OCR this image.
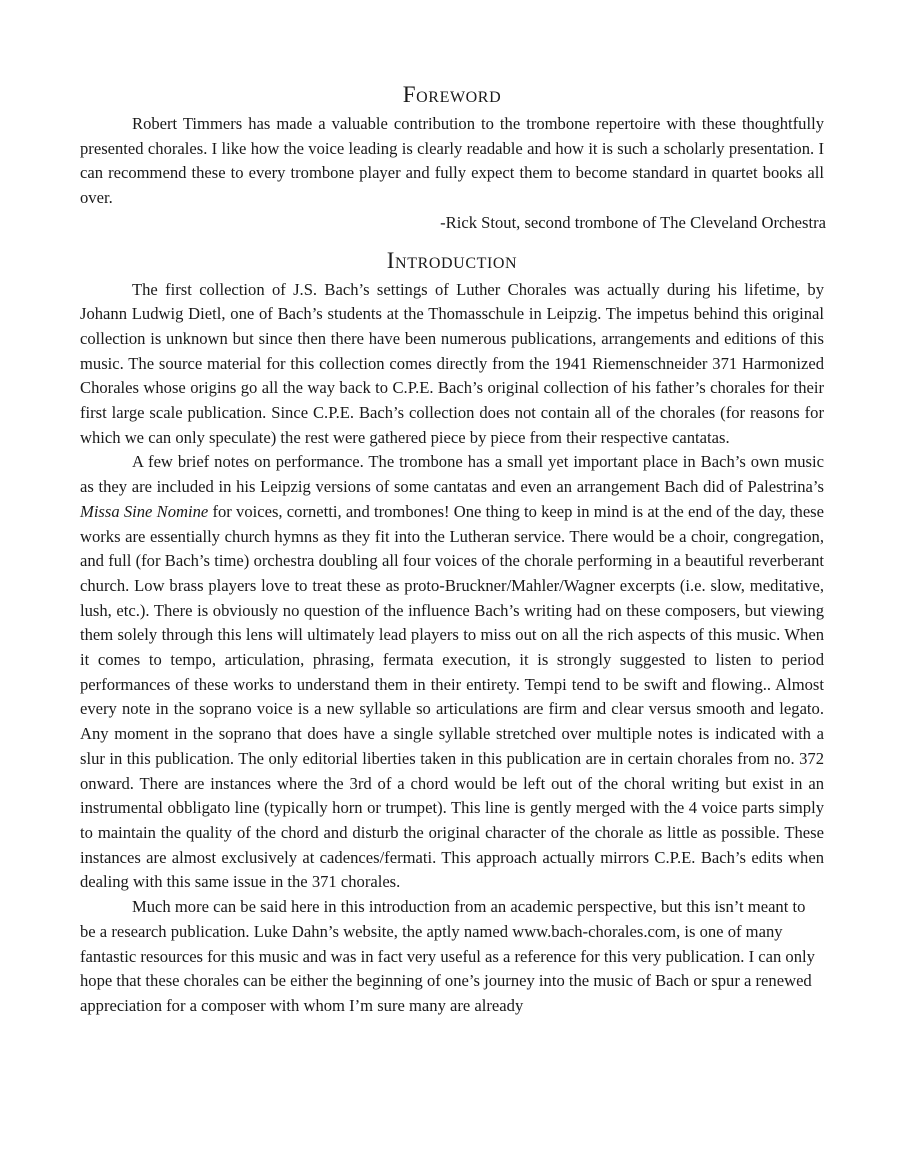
Foreword

Robert Timmers has made a valuable contribution to the trombone repertoire with these thoughtfully presented chorales. I like how the voice leading is clearly readable and how it is such a scholarly presentation. I can recommend these to every trombone player and fully expect them to become standard in quartet books all over.

-Rick Stout, second trombone of The Cleveland Orchestra
Introduction

The first collection of J.S. Bach’s settings of Luther Chorales was actually during his lifetime, by Johann Ludwig Dietl, one of Bach’s students at the Thomasschule in Leipzig. The impetus behind this original collection is unknown but since then there have been numerous publications, arrangements and editions of this music. The source material for this collection comes directly from the 1941 Riemenschneider 371 Harmonized Chorales whose origins go all the way back to C.P.E. Bach’s original collection of his father’s chorales for their first large scale publication. Since C.P.E. Bach’s collection does not contain all of the chorales (for reasons for which we can only speculate) the rest were gathered piece by piece from their respective cantatas.

A few brief notes on performance. The trombone has a small yet important place in Bach’s own music as they are included in his Leipzig versions of some cantatas and even an arrangement Bach did of Palestrina’s Missa Sine Nomine for voices, cornetti, and trombones! One thing to keep in mind is at the end of the day, these works are essentially church hymns as they fit into the Lutheran service. There would be a choir, congregation, and full (for Bach’s time) orchestra doubling all four voices of the chorale performing in a beautiful reverberant church. Low brass players love to treat these as proto-Bruckner/Mahler/Wagner excerpts (i.e. slow, meditative, lush, etc.). There is obviously no question of the influence Bach’s writing had on these composers, but viewing them solely through this lens will ultimately lead players to miss out on all the rich aspects of this music. When it comes to tempo, articulation, phrasing, fermata execution, it is strongly suggested to listen to period performances of these works to understand them in their entirety. Tempi tend to be swift and flowing.. Almost every note in the soprano voice is a new syllable so articulations are firm and clear versus smooth and legato. Any moment in the soprano that does have a single syllable stretched over multiple notes is indicated with a slur in this publication. The only editorial liberties taken in this publication are in certain chorales from no. 372 onward. There are instances where the 3rd of a chord would be left out of the choral writing but exist in an instrumental obbligato line (typically horn or trumpet). This line is gently merged with the 4 voice parts simply to maintain the quality of the chord and disturb the original character of the chorale as little as possible. These instances are almost exclusively at cadences/fermati. This approach actually mirrors C.P.E. Bach’s edits when dealing with this same issue in the 371 chorales.

Much more can be said here in this introduction from an academic perspective, but this isn’t meant to be a research publication. Luke Dahn’s website, the aptly named www.bach-chorales.com, is one of many fantastic resources for this music and was in fact very useful as a reference for this very publication. I can only hope that these chorales can be either the beginning of one’s journey into the music of Bach or spur a renewed appreciation for a composer with whom I’m sure many are already
